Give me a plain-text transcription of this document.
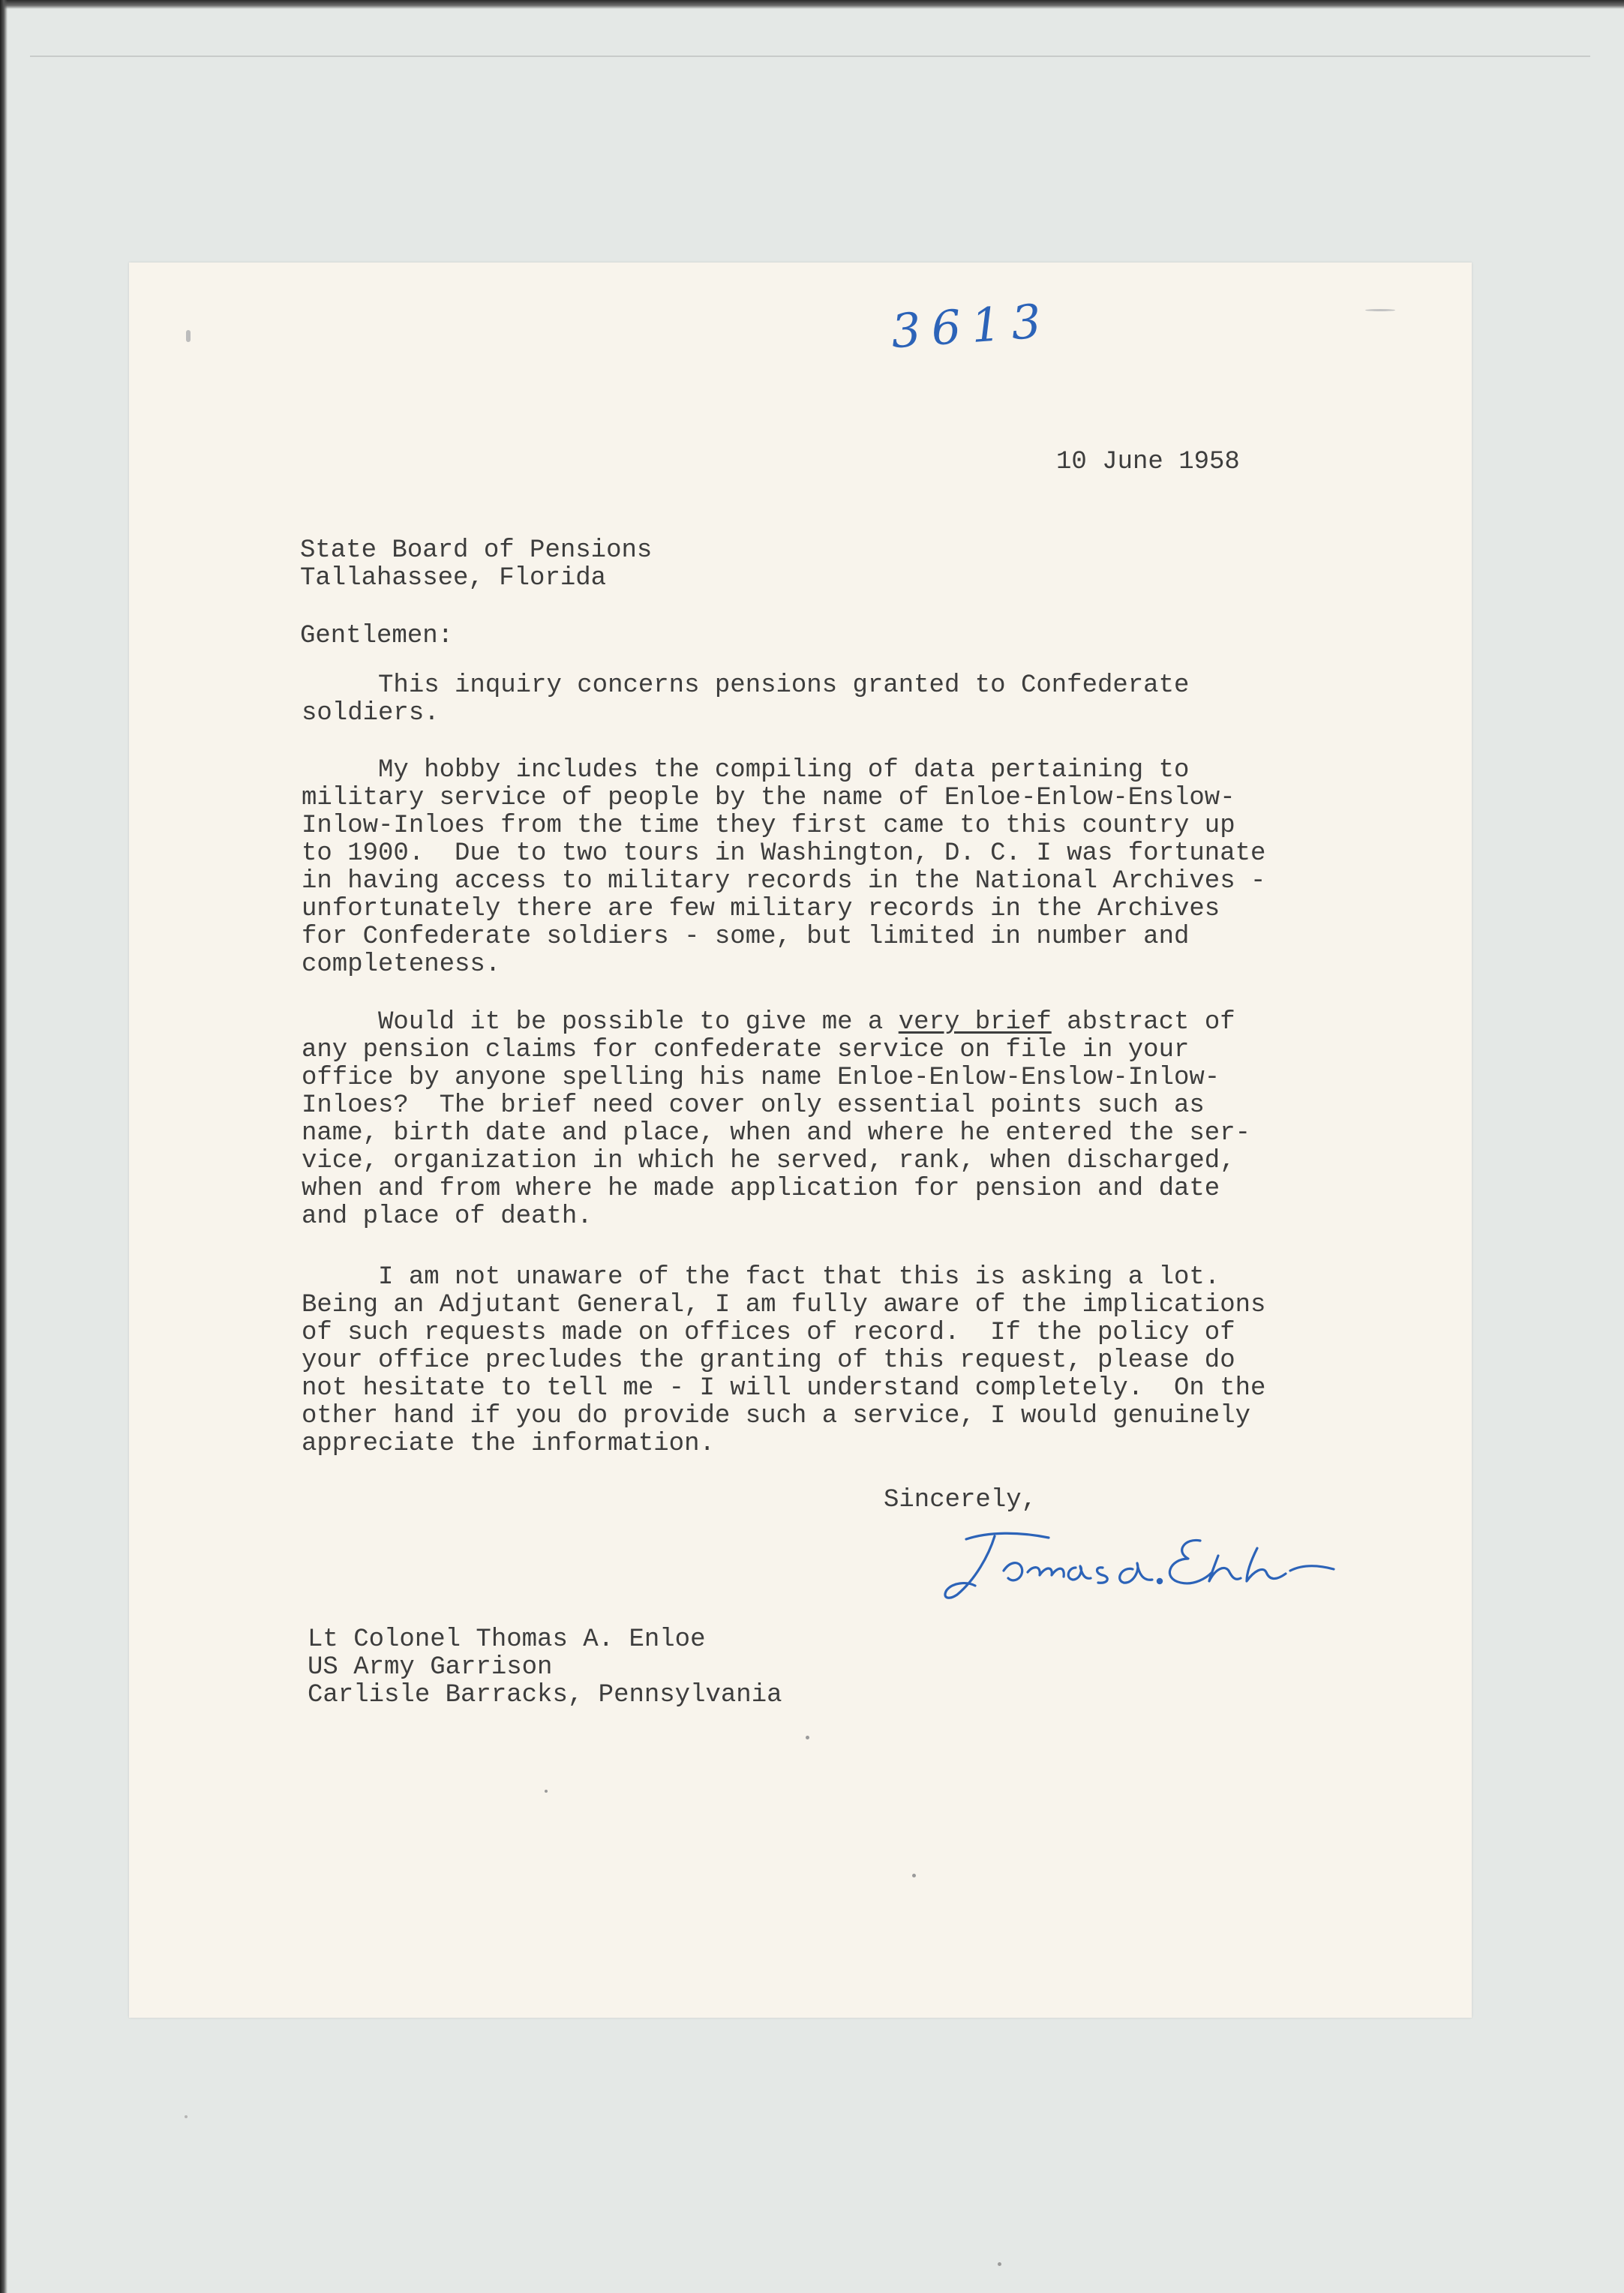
3613
10 June 1958
State Board of Pensions
Tallahassee, Florida
Gentlemen:
This inquiry concerns pensions granted to Confederate
soldiers.
My hobby includes the compiling of data pertaining to
military service of people by the name of Enloe-Enlow-Enslow-
Inlow-Inloes from the time they first came to this country up
to 1900.  Due to two tours in Washington, D. C. I was fortunate
in having access to military records in the National Archives -
unfortunately there are few military records in the Archives
for Confederate soldiers - some, but limited in number and
completeness.
Would it be possible to give me a very brief abstract of
any pension claims for confederate service on file in your
office by anyone spelling his name Enloe-Enlow-Enslow-Inlow-
Inloes?  The brief need cover only essential points such as
name, birth date and place, when and where he entered the ser-
vice, organization in which he served, rank, when discharged,
when and from where he made application for pension and date
and place of death.
I am not unaware of the fact that this is asking a lot.
Being an Adjutant General, I am fully aware of the implications
of such requests made on offices of record.  If the policy of
your office precludes the granting of this request, please do
not hesitate to tell me - I will understand completely.  On the
other hand if you do provide such a service, I would genuinely
appreciate the information.
Sincerely,
Lt Colonel Thomas A. Enloe
US Army Garrison
Carlisle Barracks, Pennsylvania
